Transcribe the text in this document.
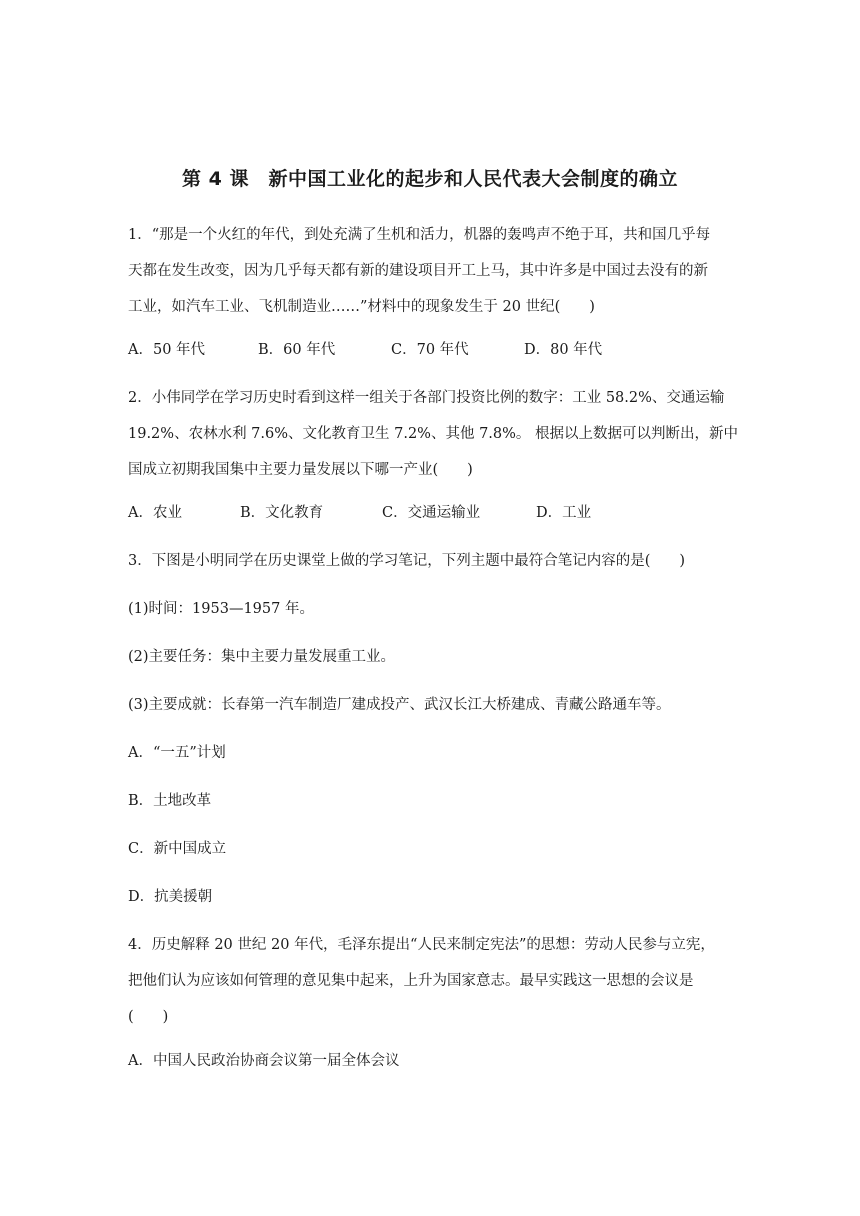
第 4 课　新中国工业化的起步和人民代表大会制度的确立
1．“那是一个火红的年代，到处充满了生机和活力，机器的轰鸣声不绝于耳，共和国几乎每
天都在发生改变，因为几乎每天都有新的建设项目开工上马，其中许多是中国过去没有的新
工业，如汽车工业、飞机制造业……”材料中的现象发生于 20 世纪(　　)
A．50 年代	B．60 年代	C．70 年代	D．80 年代
2．小伟同学在学习历史时看到这样一组关于各部门投资比例的数字：工业 58.2%、交通运输
19.2%、农林水利 7.6%、文化教育卫生 7.2%、其他 7.8%。 根据以上数据可以判断出，新中
国成立初期我国集中主要力量发展以下哪一产业(　　)
A．农业	B．文化教育	C．交通运输业	D．工业
3．下图是小明同学在历史课堂上做的学习笔记，下列主题中最符合笔记内容的是(　　)
(1)时间：1953—1957 年。
(2)主要任务：集中主要力量发展重工业。
(3)主要成就：长春第一汽车制造厂建成投产、武汉长江大桥建成、青藏公路通车等。
A．“一五”计划
B．土地改革
C．新中国成立
D．抗美援朝
4．历史解释 20 世纪 20 年代，毛泽东提出“人民来制定宪法”的思想：劳动人民参与立宪，
把他们认为应该如何管理的意见集中起来，上升为国家意志。最早实践这一思想的会议是
(　　)
A．中国人民政治协商会议第一届全体会议
